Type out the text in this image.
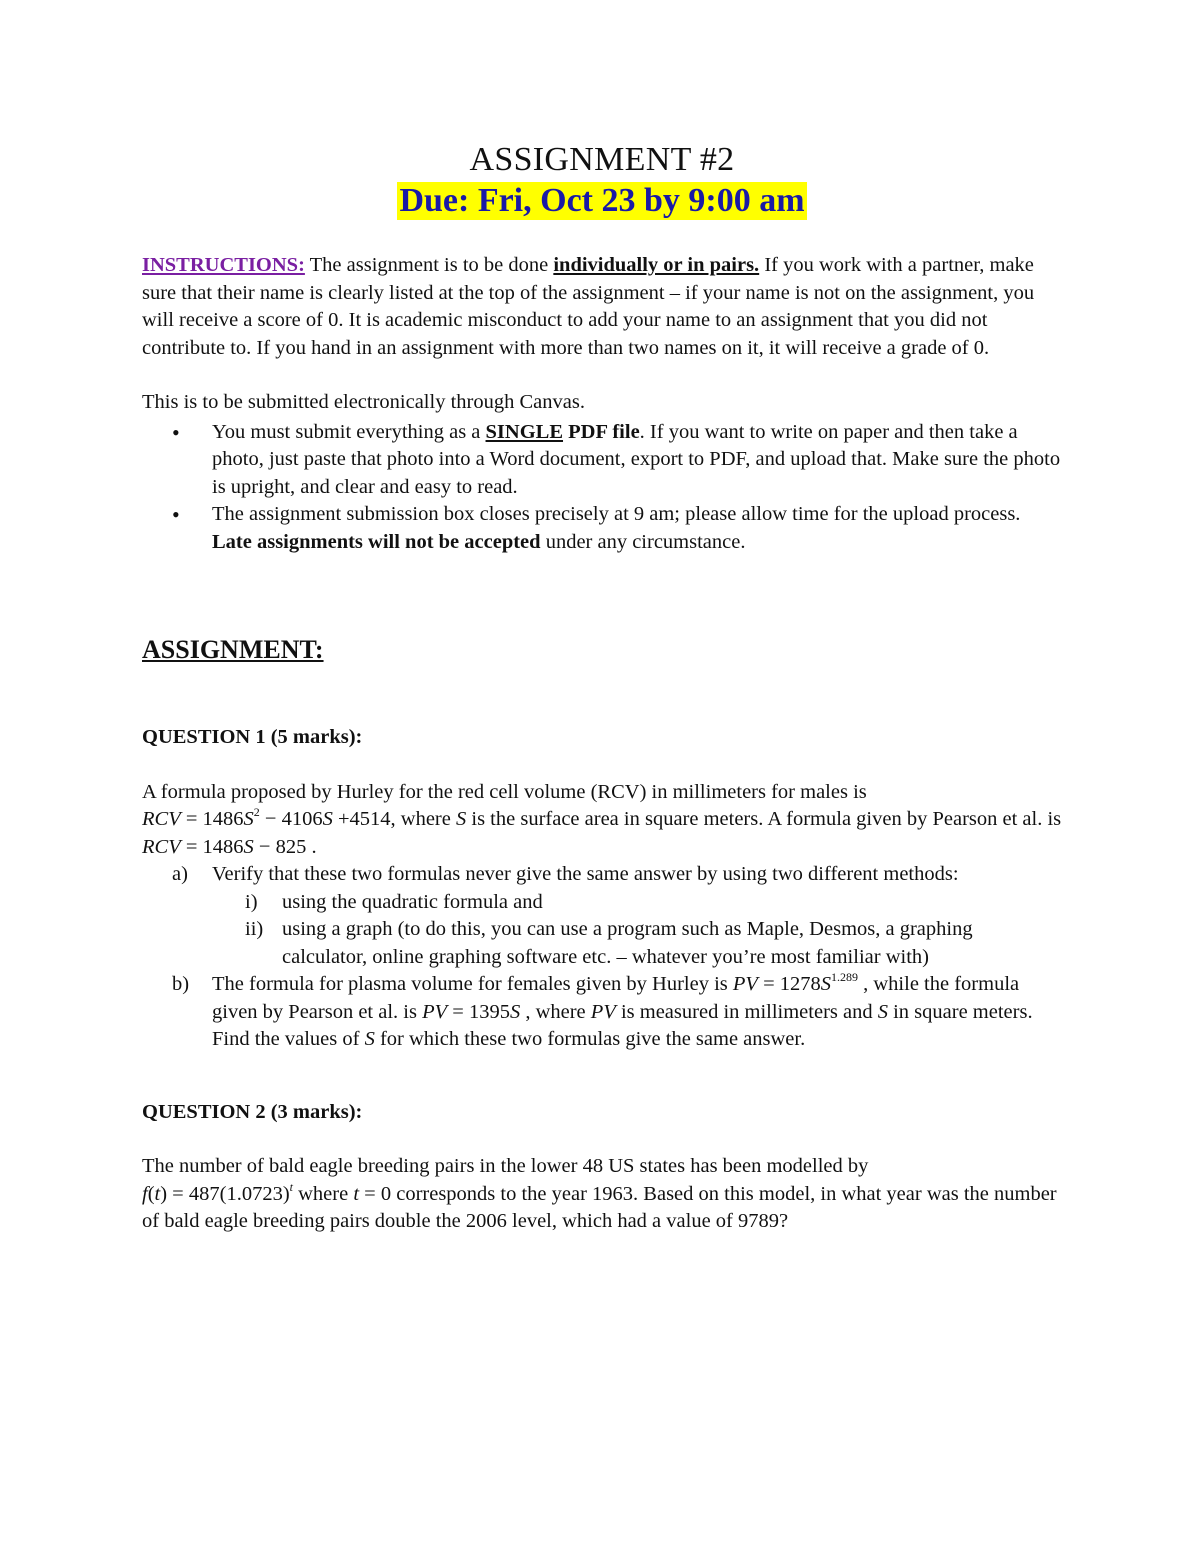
ASSIGNMENT #2
Due: Fri, Oct 23 by 9:00 am

INSTRUCTIONS: The assignment is to be done individually or in pairs. If you work with a partner, make sure that their name is clearly listed at the top of the assignment – if your name is not on the assignment, you will receive a score of 0. It is academic misconduct to add your name to an assignment that you did not contribute to. If you hand in an assignment with more than two names on it, it will receive a grade of 0.

This is to be submitted electronically through Canvas.

• You must submit everything as a SINGLE PDF file. If you want to write on paper and then take a photo, just paste that photo into a Word document, export to PDF, and upload that. Make sure the photo is upright, and clear and easy to read.
• The assignment submission box closes precisely at 9 am; please allow time for the upload process. Late assignments will not be accepted under any circumstance.
ASSIGNMENT:

QUESTION 1 (5 marks):

A formula proposed by Hurley for the red cell volume (RCV) in millimeters for males is
RCV = $1486S^2 - 4106S +4514$, where S is the surface area in square meters. A formula given by Pearson et al. is RCV = 1486S − 825 .

a) Verify that these two formulas never give the same answer by using two different methods:
i) using the quadratic formula and
ii) using a graph (to do this, you can use a program such as Maple, Desmos, a graphing calculator, online graphing software etc. – whatever you’re most familiar with)
b) The formula for plasma volume for females given by Hurley is PV = $1278S^{1.289}$ , while the formula given by Pearson et al. is PV = 1395S , where PV is measured in millimeters and S in square meters. Find the values of S for which these two formulas give the same answer.

QUESTION 2 (3 marks):

The number of bald eagle breeding pairs in the lower 48 US states has been modelled by
$f(t) = 487(1.0723)^t$ where t = 0 corresponds to the year 1963. Based on this model, in what year was the number of bald eagle breeding pairs double the 2006 level, which had a value of 9789?
